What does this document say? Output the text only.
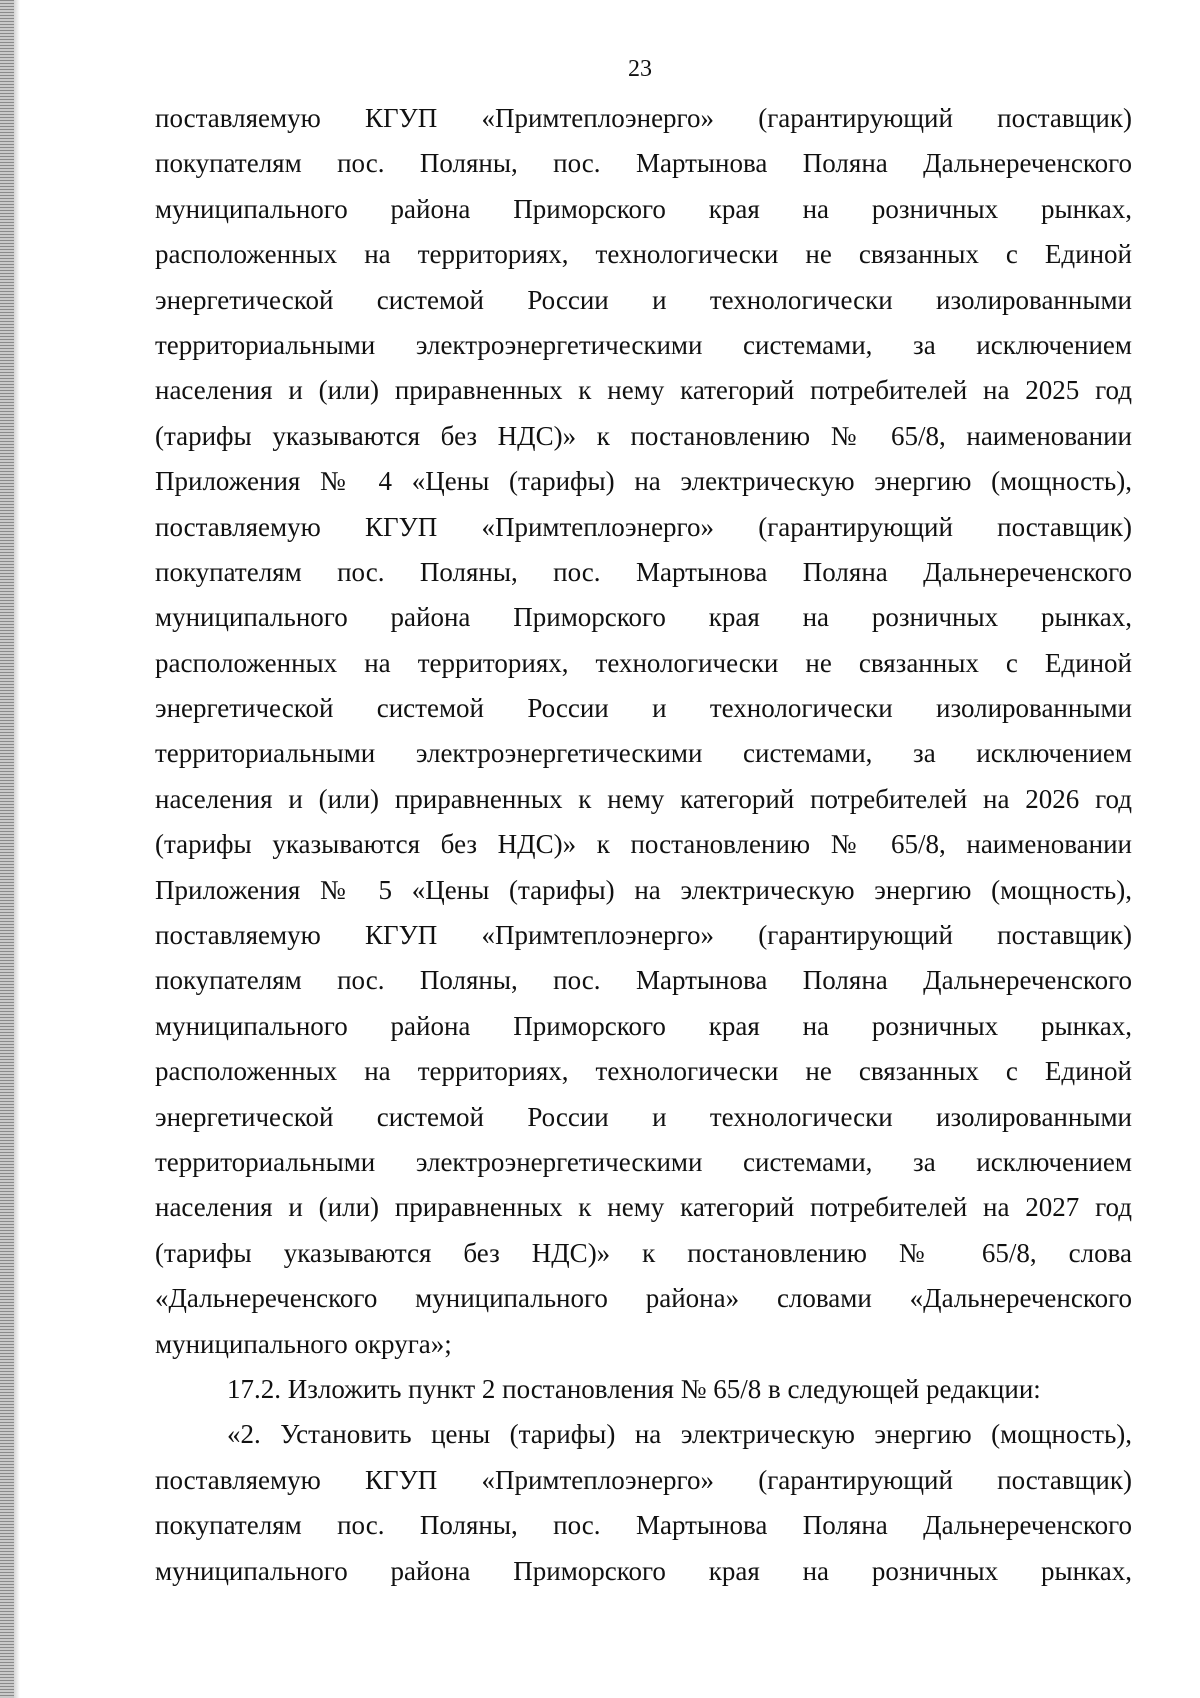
23
поставляемую КГУП «Примтеплоэнерго» (гарантирующий поставщик)
покупателям пос. Поляны, пос. Мартынова Поляна Дальнереченского
муниципального района Приморского края на розничных рынках,
расположенных на территориях, технологически не связанных с Единой
энергетической системой России и технологически изолированными
территориальными электроэнергетическими системами, за исключением
населения и (или) приравненных к нему категорий потребителей на 2025 год
(тарифы указываются без НДС)» к постановлению № 65/8, наименовании
Приложения № 4 «Цены (тарифы) на электрическую энергию (мощность),
поставляемую КГУП «Примтеплоэнерго» (гарантирующий поставщик)
покупателям пос. Поляны, пос. Мартынова Поляна Дальнереченского
муниципального района Приморского края на розничных рынках,
расположенных на территориях, технологически не связанных с Единой
энергетической системой России и технологически изолированными
территориальными электроэнергетическими системами, за исключением
населения и (или) приравненных к нему категорий потребителей на 2026 год
(тарифы указываются без НДС)» к постановлению № 65/8, наименовании
Приложения № 5 «Цены (тарифы) на электрическую энергию (мощность),
поставляемую КГУП «Примтеплоэнерго» (гарантирующий поставщик)
покупателям пос. Поляны, пос. Мартынова Поляна Дальнереченского
муниципального района Приморского края на розничных рынках,
расположенных на территориях, технологически не связанных с Единой
энергетической системой России и технологически изолированными
территориальными электроэнергетическими системами, за исключением
населения и (или) приравненных к нему категорий потребителей на 2027 год
(тарифы указываются без НДС)» к постановлению № 65/8, слова
«Дальнереченского муниципального района» словами «Дальнереченского
муниципального округа»;
17.2. Изложить пункт 2 постановления № 65/8 в следующей редакции:
«2. Установить цены (тарифы) на электрическую энергию (мощность),
поставляемую КГУП «Примтеплоэнерго» (гарантирующий поставщик)
покупателям пос. Поляны, пос. Мартынова Поляна Дальнереченского
муниципального района Приморского края на розничных рынках,
